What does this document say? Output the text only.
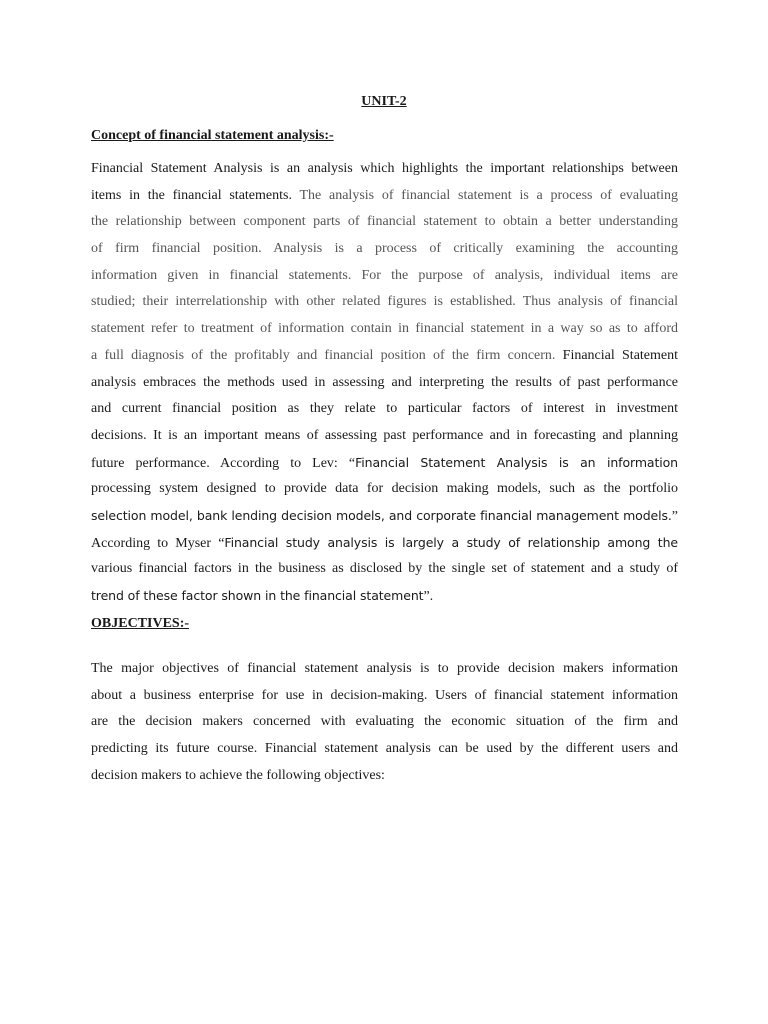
UNIT-2
Concept of financial statement analysis:-
Financial Statement Analysis is an analysis which highlights the important relationships between
items in the financial statements. The analysis of financial statement is a process of evaluating
the relationship between component parts of financial statement to obtain a better understanding
of firm financial position. Analysis is a process of critically examining the accounting
information given in financial statements. For the purpose of analysis, individual items are
studied; their interrelationship with other related figures is established. Thus analysis of financial
statement refer to treatment of information contain in financial statement in a way so as to afford
a full diagnosis of the profitably and financial position of the firm concern. Financial Statement
analysis embraces the methods used in assessing and interpreting the results of past performance
and current financial position as they relate to particular factors of interest in investment
decisions. It is an important means of assessing past performance and in forecasting and planning
future performance. According to Lev: “Financial Statement Analysis is an information
processing system designed to provide data for decision making models, such as the portfolio
selection model, bank lending decision models, and corporate financial management models.”
According to Myser “Financial study analysis is largely a study of relationship among the
various financial factors in the business as disclosed by the single set of statement and a study of
trend of these factor shown in the financial statement”.
OBJECTIVES:-
The major objectives of financial statement analysis is to provide decision makers information
about a business enterprise for use in decision-making. Users of financial statement information
are the decision makers concerned with evaluating the economic situation of the firm and
predicting its future course. Financial statement analysis can be used by the different users and
decision makers to achieve the following objectives:
